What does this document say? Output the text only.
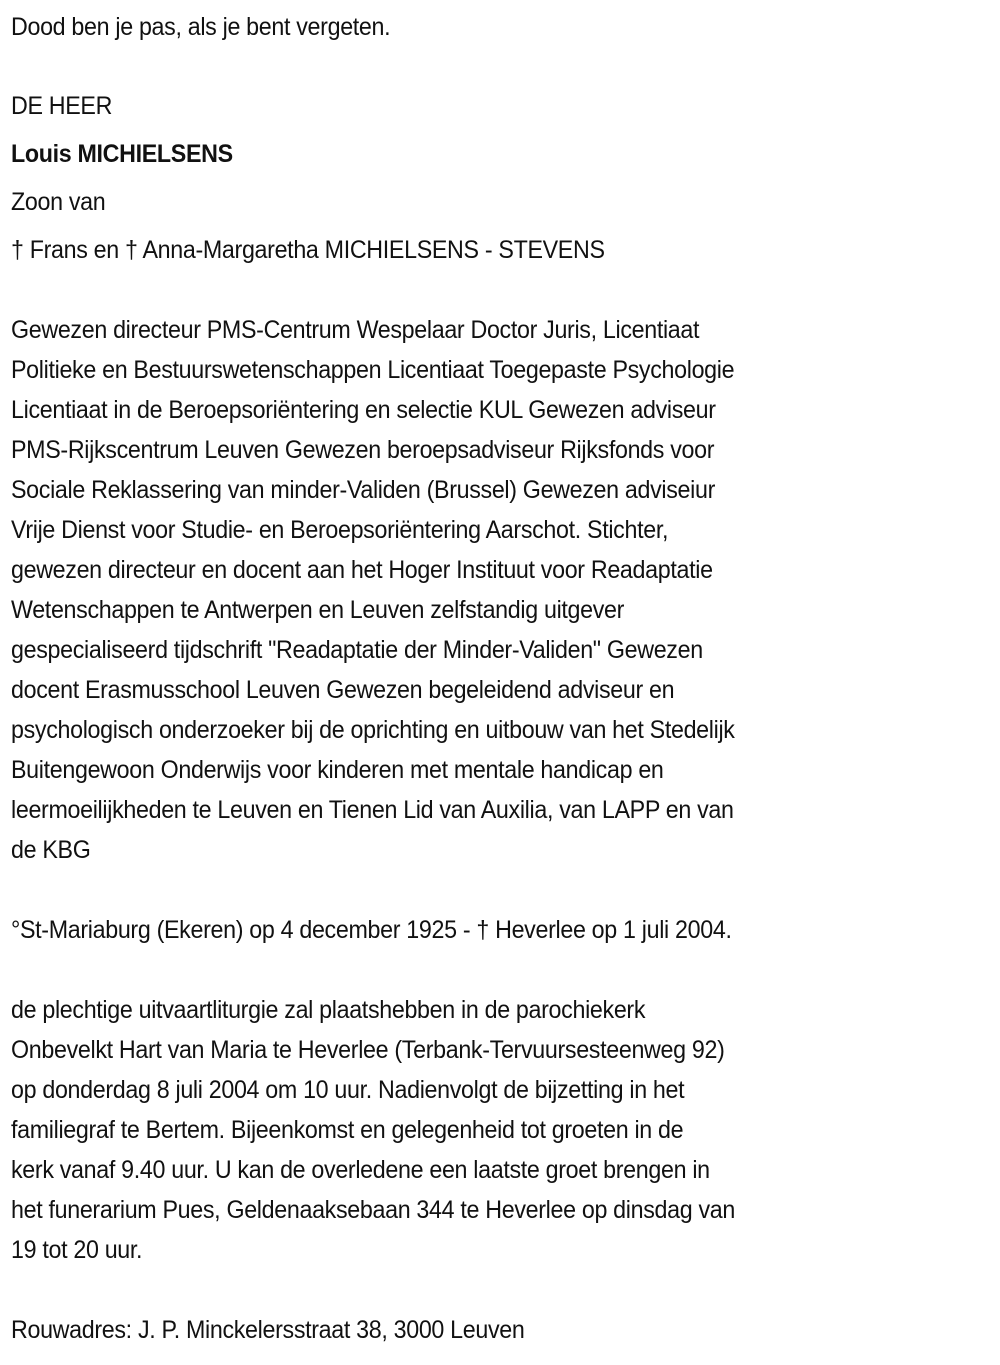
Dood ben je pas, als je bent vergeten.
DE HEER
Louis MICHIELSENS
Zoon van
† Frans en † Anna-Margaretha MICHIELSENS - STEVENS
Gewezen directeur PMS-Centrum Wespelaar Doctor Juris, Licentiaat
Politieke en Bestuurswetenschappen Licentiaat Toegepaste Psychologie
Licentiaat in de Beroepsoriëntering en selectie KUL Gewezen adviseur
PMS-Rijkscentrum Leuven Gewezen beroepsadviseur Rijksfonds voor
Sociale Reklassering van minder-Validen (Brussel) Gewezen adviseiur
Vrije Dienst voor Studie- en Beroepsoriëntering Aarschot. Stichter,
gewezen directeur en docent aan het Hoger Instituut voor Readaptatie
Wetenschappen te Antwerpen en Leuven zelfstandig uitgever
gespecialiseerd tijdschrift "Readaptatie der Minder-Validen" Gewezen
docent Erasmusschool Leuven Gewezen begeleidend adviseur en
psychologisch onderzoeker bij de oprichting en uitbouw van het Stedelijk
Buitengewoon Onderwijs voor kinderen met mentale handicap en
leermoeilijkheden te Leuven en Tienen Lid van Auxilia, van LAPP en van
de KBG
°St-Mariaburg (Ekeren) op 4 december 1925 - † Heverlee op 1 juli 2004.
de plechtige uitvaartliturgie zal plaatshebben in de parochiekerk
Onbevelkt Hart van Maria te Heverlee (Terbank-Tervuursesteenweg 92)
op donderdag 8 juli 2004 om 10 uur. Nadienvolgt de bijzetting in het
familiegraf te Bertem. Bijeenkomst en gelegenheid tot groeten in de
kerk vanaf 9.40 uur. U kan de overledene een laatste groet brengen in
het funerarium Pues, Geldenaaksebaan 344 te Heverlee op dinsdag van
19 tot 20 uur.
Rouwadres: J. P. Minckelersstraat 38, 3000 Leuven
